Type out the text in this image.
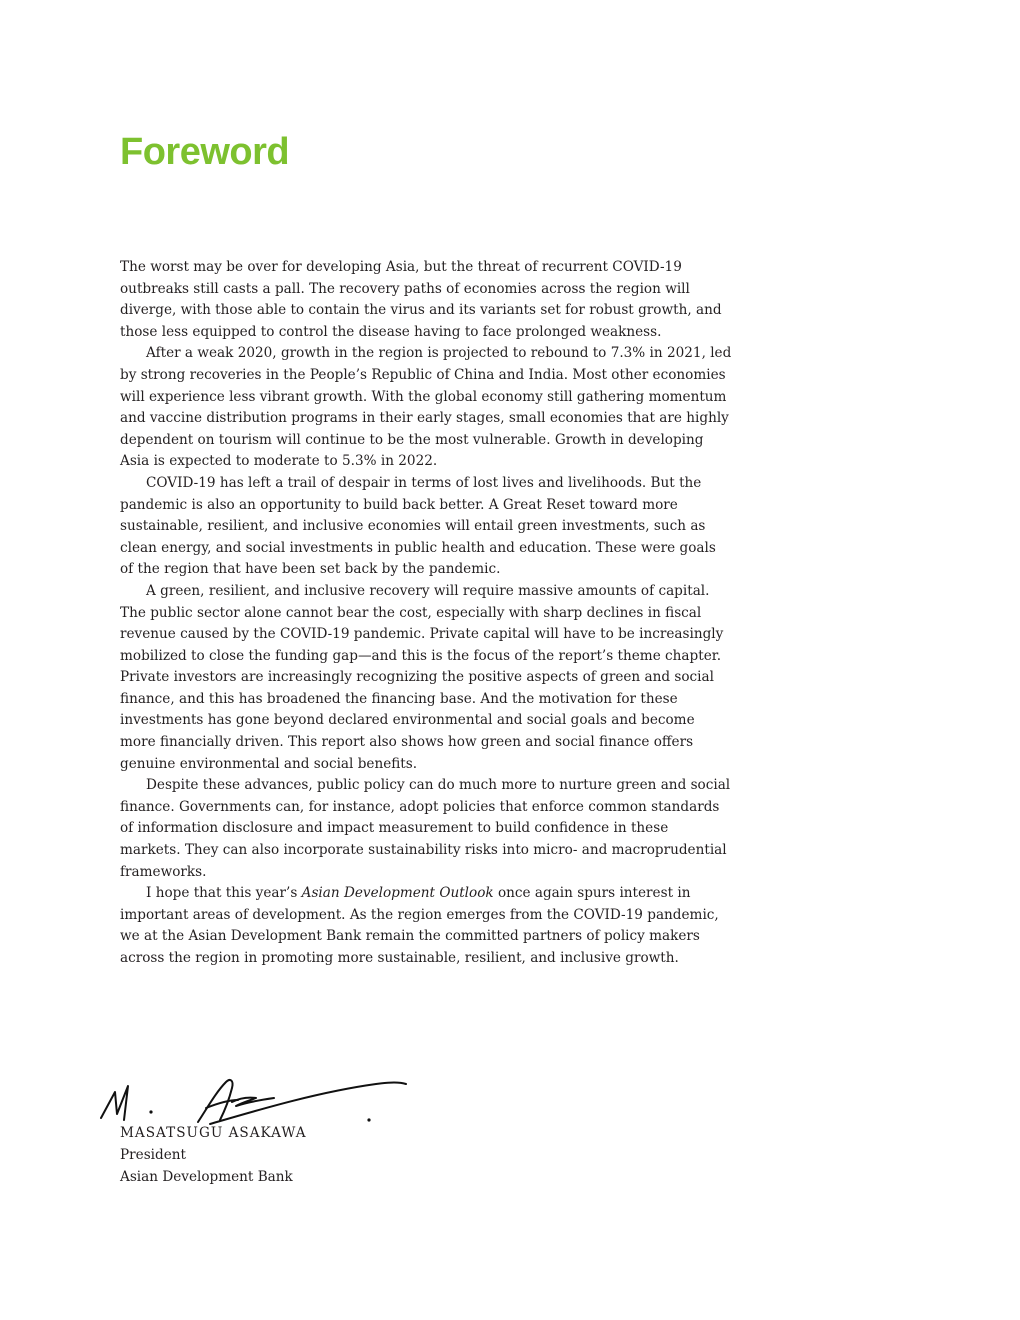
Foreword

The worst may be over for developing Asia, but the threat of recurrent COVID-19 outbreaks still casts a pall. The recovery paths of economies across the region will diverge, with those able to contain the virus and its variants set for robust growth, and those less equipped to control the disease having to face prolonged weakness.

After a weak 2020, growth in the region is projected to rebound to 7.3% in 2021, led by strong recoveries in the People’s Republic of China and India. Most other economies will experience less vibrant growth. With the global economy still gathering momentum and vaccine distribution programs in their early stages, small economies that are highly dependent on tourism will continue to be the most vulnerable. Growth in developing Asia is expected to moderate to 5.3% in 2022.

COVID-19 has left a trail of despair in terms of lost lives and livelihoods. But the pandemic is also an opportunity to build back better. A Great Reset toward more sustainable, resilient, and inclusive economies will entail green investments, such as clean energy, and social investments in public health and education. These were goals of the region that have been set back by the pandemic.

A green, resilient, and inclusive recovery will require massive amounts of capital. The public sector alone cannot bear the cost, especially with sharp declines in fiscal revenue caused by the COVID-19 pandemic. Private capital will have to be increasingly mobilized to close the funding gap—and this is the focus of the report’s theme chapter. Private investors are increasingly recognizing the positive aspects of green and social finance, and this has broadened the financing base. And the motivation for these investments has gone beyond declared environmental and social goals and become more financially driven. This report also shows how green and social finance offers genuine environmental and social benefits.

Despite these advances, public policy can do much more to nurture green and social finance. Governments can, for instance, adopt policies that enforce common standards of information disclosure and impact measurement to build confidence in these markets. They can also incorporate sustainability risks into micro- and macroprudential frameworks.

I hope that this year’s Asian Development Outlook once again spurs interest in important areas of development. As the region emerges from the COVID-19 pandemic, we at the Asian Development Bank remain the committed partners of policy makers across the region in promoting more sustainable, resilient, and inclusive growth.

MASATSUGU ASAKAWA
President
Asian Development Bank
